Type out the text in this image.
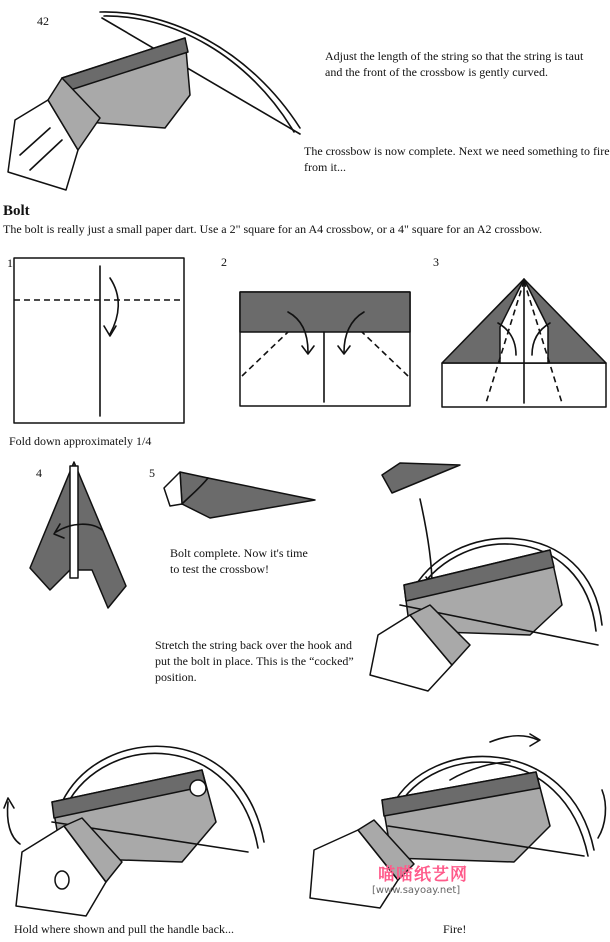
42
Adjust the length of the string so that the string is taut and the front of the crossbow is gently curved.
The crossbow is now complete. Next we need something to fire from it...
Bolt
The bolt is really just a small paper dart. Use a 2" square for an A4 crossbow, or a 4" square for an A2 crossbow.
1
Fold down approximately 1/4
2	3
4	5
Bolt complete. Now it's time to test the crossbow!
Stretch the string back over the hook and put the bolt in place. This is the “cocked” position.
Hold where shown and pull the handle back...	Fire!
喵喵纸艺网
[www.sayoay.net]
